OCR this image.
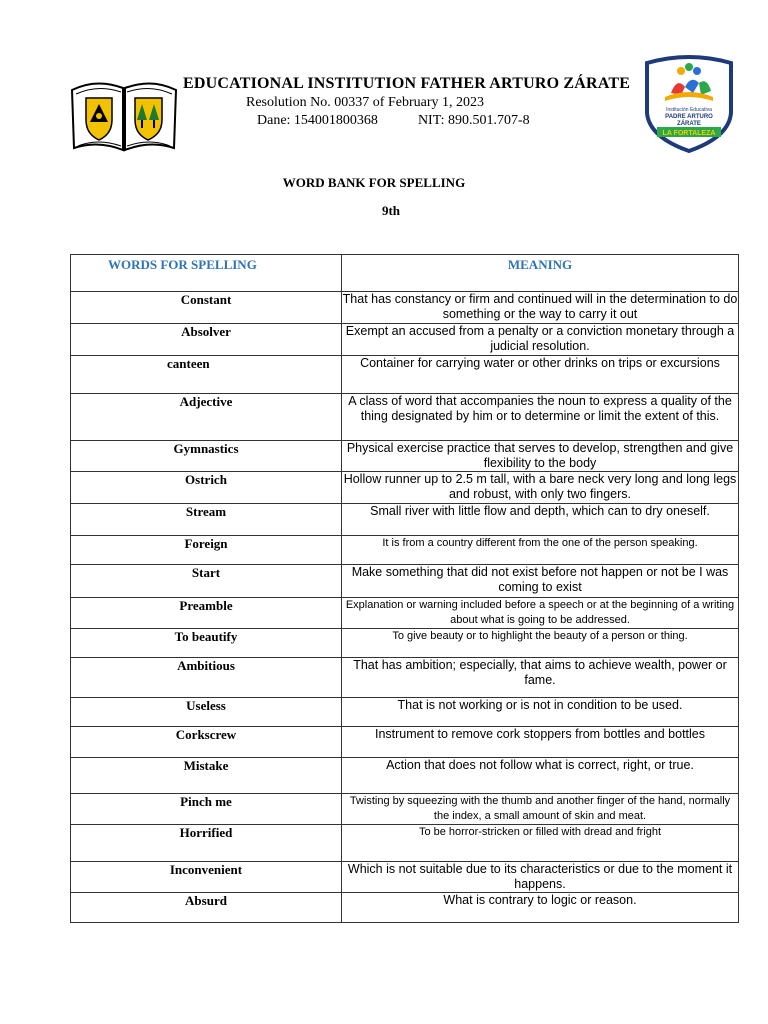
EDUCATIONAL INSTITUTION FATHER ARTURO ZÁRATE
Resolution No. 00337 of February 1, 2023
Dane: 154001800368	NIT: 890.501.707-8
Institución Educativa
PADRE ARTURO
ZÁRATE
LA FORTALEZA
WORD BANK FOR SPELLING
9th
WORDS FOR SPELLING	MEANING
Constant	That has constancy or firm and continued will in the determination to do something or the way to carry it out
Absolver	Exempt an accused from a penalty or a conviction monetary through a judicial resolution.
canteen	Container for carrying water or other drinks on trips or excursions
Adjective	A class of word that accompanies the noun to express a quality of the thing designated by him or to determine or limit the extent of this.
Gymnastics	Physical exercise practice that serves to develop, strengthen and give flexibility to the body
Ostrich	Hollow runner up to 2.5 m tall, with a bare neck very long and long legs and robust, with only two fingers.
Stream	Small river with little flow and depth, which can to dry oneself.
Foreign	It is from a country different from the one of the person speaking.
Start	Make something that did not exist before not happen or not be I was coming to exist
Preamble	Explanation or warning included before a speech or at the beginning of a writing about what is going to be addressed.
To beautify	To give beauty or to highlight the beauty of a person or thing.
Ambitious	That has ambition; especially, that aims to achieve wealth, power or fame.
Useless	That is not working or is not in condition to be used.
Corkscrew	Instrument to remove cork stoppers from bottles and bottles
Mistake	Action that does not follow what is correct, right, or true.
Pinch me	Twisting by squeezing with the thumb and another finger of the hand, normally the index, a small amount of skin and meat.
Horrified	To be horror-stricken or filled with dread and fright
Inconvenient	Which is not suitable due to its characteristics or due to the moment it happens.
Absurd	What is contrary to logic or reason.
